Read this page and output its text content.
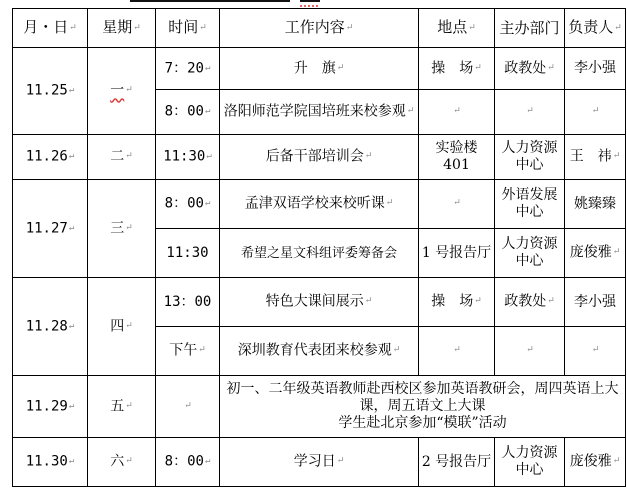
月・日↵	星期↵	时间↵	工作内容↵	地点↵	主办部门	负责人↵
11.25↵	一↵	7：20↵	升　旗↵	操　场↵	政教处↵	李小强
		8：00↵	洛阳师范学院国培班来校参观↵	↵	↵	↵
11.26↵	二↵	11:30↵	后备干部培训会↵	实验楼 401	人力资源中心	王　祎↵
11.27↵	三↵	8：00↵	孟津双语学校来校听课↵	↵	外语发展中心	姚臻臻
		11:30	希望之星文科组评委筹备会	1 号报告厅	人力资源中心	庞俊雅↵
11.28↵	四↵	13：00	特色大课间展示↵	操　场↵	政教处↵	李小强
		下午↵	深圳教育代表团来校参观↵	↵	↵	↵
11.29↵	五↵	↵	初一、二年级英语教师赴西校区参加英语教研会，周四英语上大课，周五语文上大课
学生赴北京参加“模联”活动			
11.30↵	六↵	8：00↵	学习日↵	2 号报告厅	人力资源中心	庞俊雅↵
